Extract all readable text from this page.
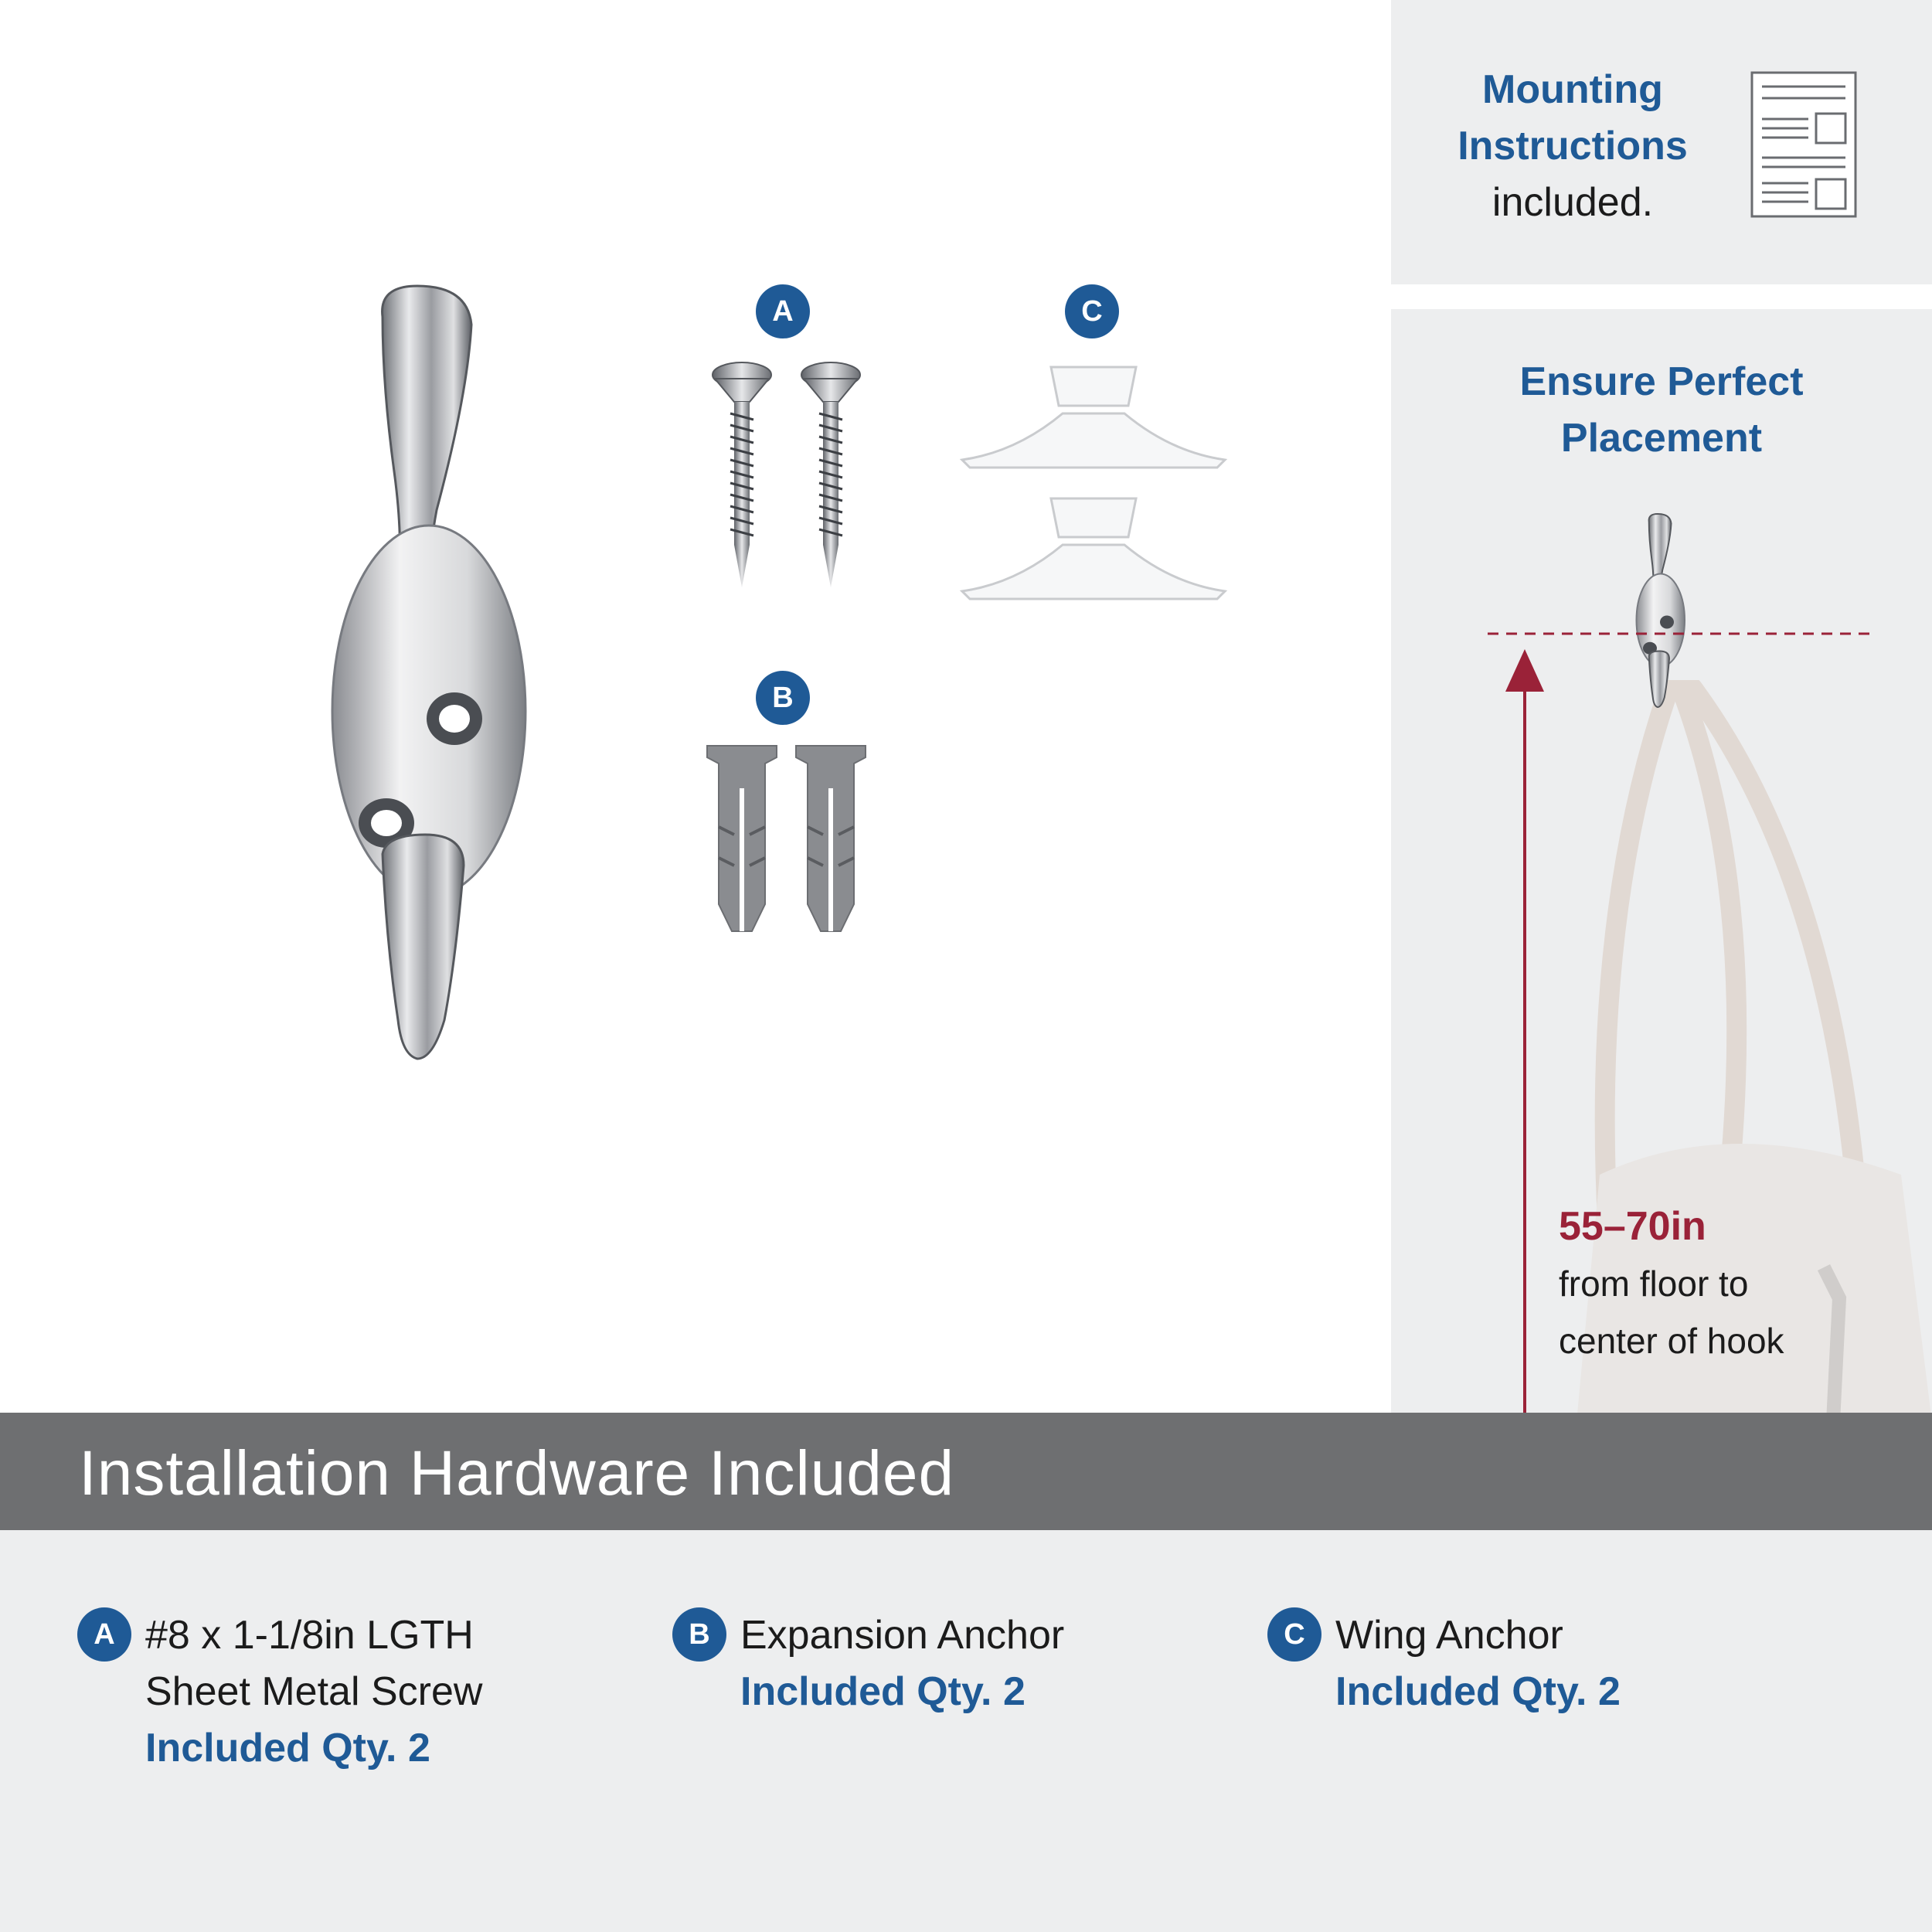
A
B
C
Mounting
Instructions
included.
Ensure Perfect
Placement
55–70in
from floor to
center of hook
Installation Hardware Included
A #8 x 1-1/8in LGTH
Sheet Metal Screw
Included Qty. 2
B Expansion Anchor
Included Qty. 2
C Wing Anchor
Included Qty. 2
